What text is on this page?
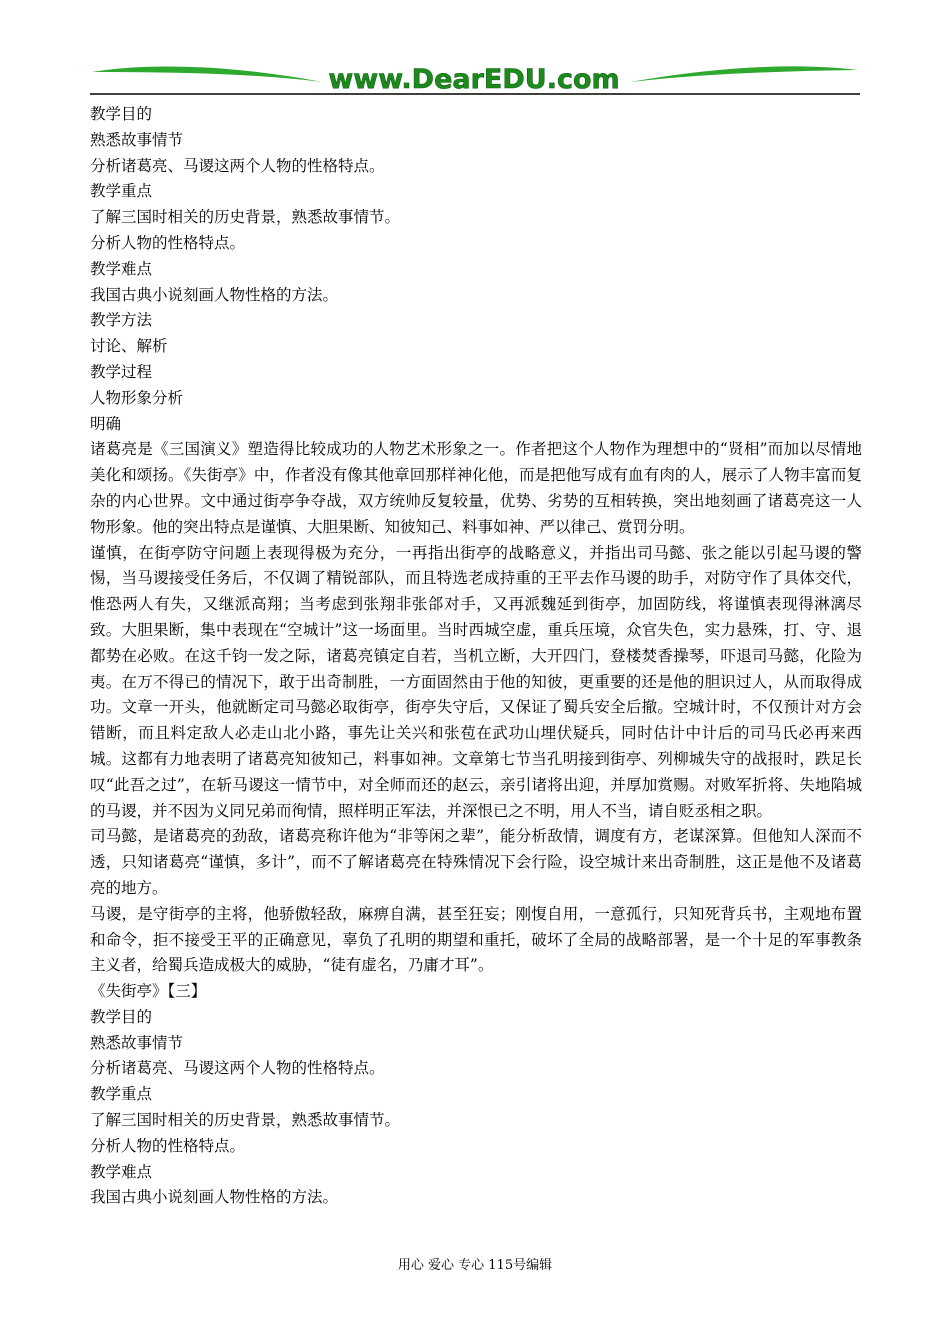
www.DearEDU.com
教学目的
熟悉故事情节
分析诸葛亮、马谡这两个人物的性格特点。
教学重点
了解三国时相关的历史背景，熟悉故事情节。
分析人物的性格特点。
教学难点
我国古典小说刻画人物性格的方法。
教学方法
讨论、解析
教学过程
人物形象分析
明确
诸葛亮是《三国演义》塑造得比较成功的人物艺术形象之一。作者把这个人物作为理想中的“贤相”而加以尽情地美化和颂扬。《失街亭》中，作者没有像其他章回那样神化他，而是把他写成有血有肉的人，展示了人物丰富而复杂的内心世界。文中通过街亭争夺战，双方统帅反复较量，优势、劣势的互相转换，突出地刻画了诸葛亮这一人物形象。他的突出特点是谨慎、大胆果断、知彼知己、料事如神、严以律己、赏罚分明。
谨慎，在街亭防守问题上表现得极为充分，一再指出街亭的战略意义，并指出司马懿、张之能以引起马谡的警惕，当马谡接受任务后，不仅调了精锐部队，而且特选老成持重的王平去作马谡的助手，对防守作了具体交代，惟恐两人有失，又继派高翔；当考虑到张翔非张郃对手，又再派魏延到街亭，加固防线，将谨慎表现得淋漓尽致。大胆果断，集中表现在“空城计”这一场面里。当时西城空虚，重兵压境，众官失色，实力悬殊，打、守、退都势在必败。在这千钧一发之际，诸葛亮镇定自若，当机立断，大开四门，登楼焚香操琴，吓退司马懿，化险为夷。在万不得已的情况下，敢于出奇制胜，一方面固然由于他的知彼，更重要的还是他的胆识过人，从而取得成功。文章一开头，他就断定司马懿必取街亭，街亭失守后，又保证了蜀兵安全后撤。空城计时，不仅预计对方会错断，而且料定敌人必走山北小路，事先让关兴和张苞在武功山埋伏疑兵，同时估计中计后的司马氏必再来西城。这都有力地表明了诸葛亮知彼知己，料事如神。文章第七节当孔明接到街亭、列柳城失守的战报时，跌足长叹“此吾之过”，在斩马谡这一情节中，对全师而还的赵云，亲引诸将出迎，并厚加赏赐。对败军折将、失地陷城的马谡，并不因为义同兄弟而徇情，照样明正军法，并深恨已之不明，用人不当，请自贬丞相之职。
司马懿，是诸葛亮的劲敌，诸葛亮称许他为“非等闲之辈”，能分析敌情，调度有方，老谋深算。但他知人深而不透，只知诸葛亮“谨慎，多计”，而不了解诸葛亮在特殊情况下会行险，设空城计来出奇制胜，这正是他不及诸葛亮的地方。
马谡，是守街亭的主将，他骄傲轻敌，麻痹自满，甚至狂妄；刚愎自用，一意孤行，只知死背兵书，主观地布置和命令，拒不接受王平的正确意见，辜负了孔明的期望和重托，破坏了全局的战略部署，是一个十足的军事教条主义者，给蜀兵造成极大的威胁，“徒有虚名，乃庸才耳”。
《失街亭》【三】
教学目的
熟悉故事情节
分析诸葛亮、马谡这两个人物的性格特点。
教学重点
了解三国时相关的历史背景，熟悉故事情节。
分析人物的性格特点。
教学难点
我国古典小说刻画人物性格的方法。
用心 爱心 专心 115号编辑
